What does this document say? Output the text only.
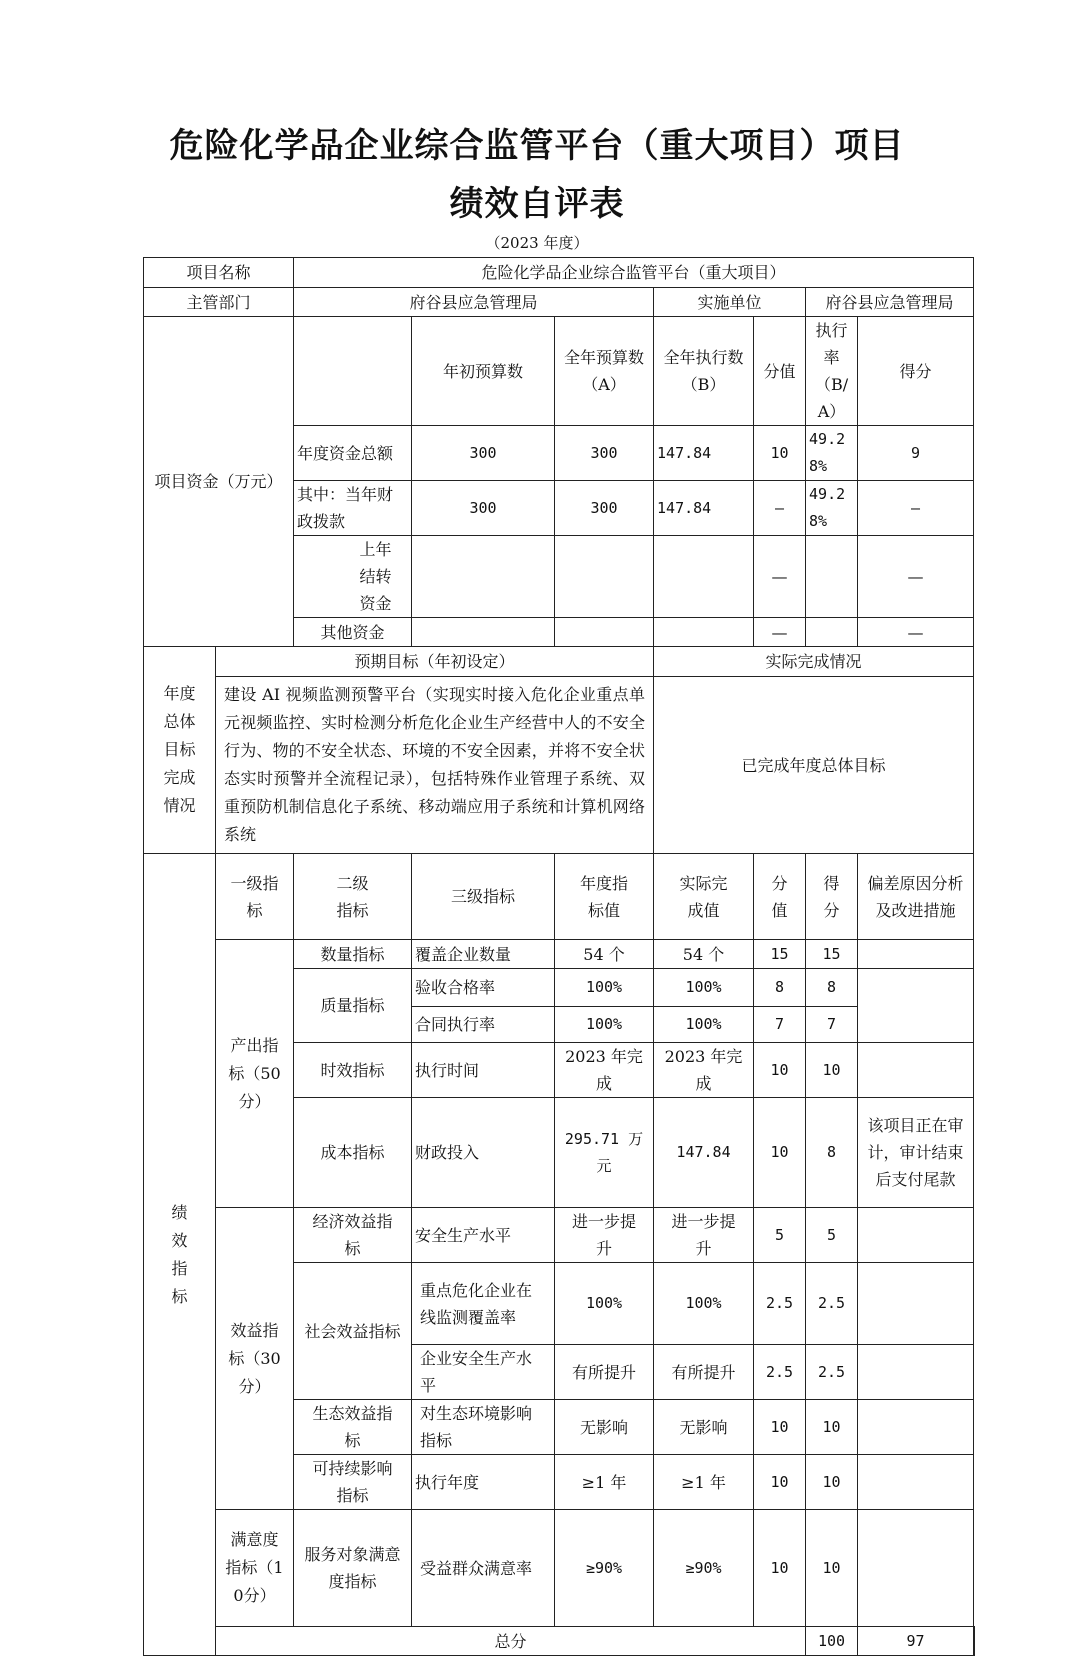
危险化学品企业综合监管平台（重大项目）项目
绩效自评表
（2023 年度）
项目名称		危险化学品企业综合监管平台（重大项目）							
主管部门		府谷县应急管理局			实施单位		府谷县应急管理局		
项目资金（万元）			年初预算数	全年预算数（A）	全年执行数（B）	分值	执行率（B/A）	得分	
		年度资金总额	300	300	147.84	10	49.28%	9	
		其中：当年财政拨款	300	300	147.84	—	49.28%	—	
		上年结转资金				—		—	
		其他资金				—		—	
年度总体目标完成情况	预期目标（年初设定）				实际完成情况				
	建设 AI 视频监测预警平台（实现实时接入危化企业重点单元视频监控、实时检测分析危化企业生产经营中人的不安全行为、物的不安全状态、环境的不安全因素，并将不安全状态实时预警并全流程记录），包括特殊作业管理子系统、双重预防机制信息化子系统、移动端应用子系统和计算机网络系统				已完成年度总体目标				
绩效指标	一级指标	二级指标	三级指标	年度指标值	实际完成值	分值	得分	偏差原因分析及改进措施	
	产出指标（50分）	数量指标	覆盖企业数量	54 个	54 个	15	15		
		质量指标	验收合格率	100%	100%	8	8		
			合同执行率	100%	100%	7	7		
		时效指标	执行时间	2023 年完成	2023 年完成	10	10		
		成本指标	财政投入	295.71 万元	147.84	10	8	该项目正在审计，审计结束后支付尾款	
	效益指标（30分）	经济效益指标	安全生产水平	进一步提升	进一步提升	5	5		
		社会效益指标	重点危化企业在线监测覆盖率	100%	100%	2.5	2.5		
			企业安全生产水平	有所提升	有所提升	2.5	2.5		
		生态效益指标	对生态环境影响指标	无影响	无影响	10	10		
		可持续影响指标	执行年度	≥1 年	≥1 年	10	10		
	满意度指标（10分）	服务对象满意度指标	受益群众满意率	≥90%	≥90%	10	10		
	总分						100	97	
